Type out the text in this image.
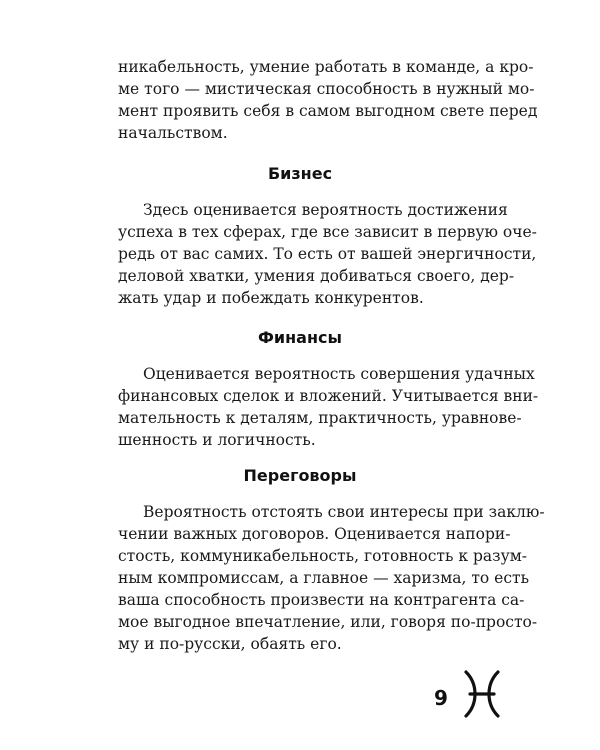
никабельность, умение работать в команде, а кро-
ме того — мистическая способность в нужный мо-
мент проявить себя в самом выгодном свете перед
начальством.
Бизнес
Здесь оценивается вероятность достижения
успеха в тех сферах, где все зависит в первую оче-
редь от вас самих. То есть от вашей энергичности,
деловой хватки, умения добиваться своего, дер-
жать удар и побеждать конкурентов.
Финансы
Оценивается вероятность совершения удачных
финансовых сделок и вложений. Учитывается вни-
мательность к деталям, практичность, уравнове-
шенность и логичность.
Переговоры
Вероятность отстоять свои интересы при заклю-
чении важных договоров. Оценивается напори-
стость, коммуникабельность, готовность к разум-
ным компромиссам, а главное — харизма, то есть
ваша способность произвести на контрагента са-
мое выгодное впечатление, или, говоря по-просто-
му и по-русски, обаять его.
9
